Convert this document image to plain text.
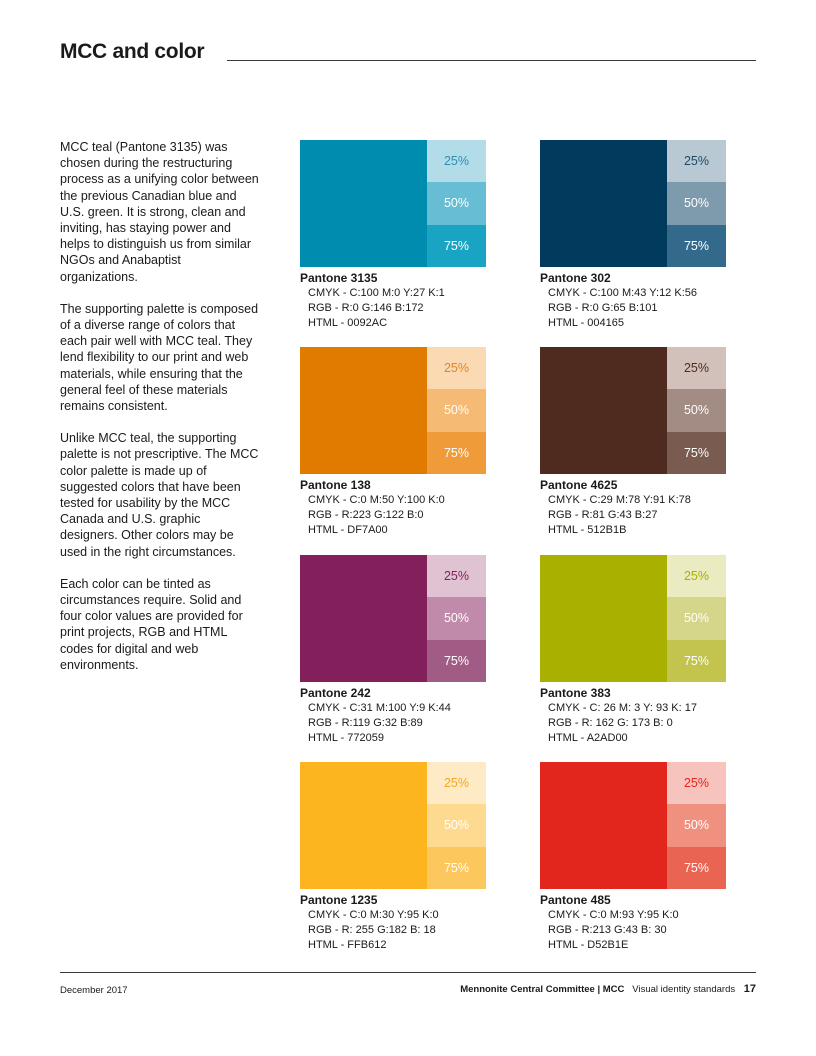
MCC and color

MCC teal (Pantone 3135) was chosen during the restructuring process as a unifying color between the previous Canadian blue and U.S. green. It is strong, clean and inviting, has staying power and helps to distinguish us from similar NGOs and Anabaptist organizations.

The supporting palette is composed of a diverse range of colors that each pair well with MCC teal. They lend flexibility to our print and web materials, while ensuring that the general feel of these materials remains consistent.

Unlike MCC teal, the supporting palette is not prescriptive. The MCC color palette is made up of suggested colors that have been tested for usability by the MCC Canada and U.S. graphic designers. Other colors may be used in the right circumstances.

Each color can be tinted as circumstances require. Solid and four color values are provided for print projects, RGB and HTML codes for digital and web environments.

25%
50%
75%
Pantone 3135
CMYK - C:100 M:0 Y:27 K:1
RGB - R:0 G:146 B:172
HTML - 0092AC
25%
50%
75%
Pantone 302
CMYK - C:100 M:43 Y:12 K:56
RGB - R:0 G:65 B:101
HTML - 004165
25%
50%
75%
Pantone 138
CMYK - C:0 M:50 Y:100 K:0
RGB - R:223 G:122 B:0
HTML - DF7A00
25%
50%
75%
Pantone 4625
CMYK - C:29 M:78 Y:91 K:78
RGB - R:81 G:43 B:27
HTML - 512B1B
25%
50%
75%
Pantone 242
CMYK - C:31 M:100 Y:9 K:44
RGB - R:119 G:32 B:89
HTML - 772059
25%
50%
75%
Pantone 383
CMYK - C: 26 M: 3 Y: 93 K: 17
RGB - R: 162 G: 173 B: 0
HTML - A2AD00
25%
50%
75%
Pantone 1235
CMYK - C:0 M:30 Y:95 K:0
RGB - R: 255 G:182 B: 18
HTML - FFB612
25%
50%
75%
Pantone 485
CMYK - C:0 M:93 Y:95 K:0
RGB - R:213 G:43 B: 30
HTML - D52B1E
December 2017	Mennonite Central Committee | MCC Visual identity standards 17
